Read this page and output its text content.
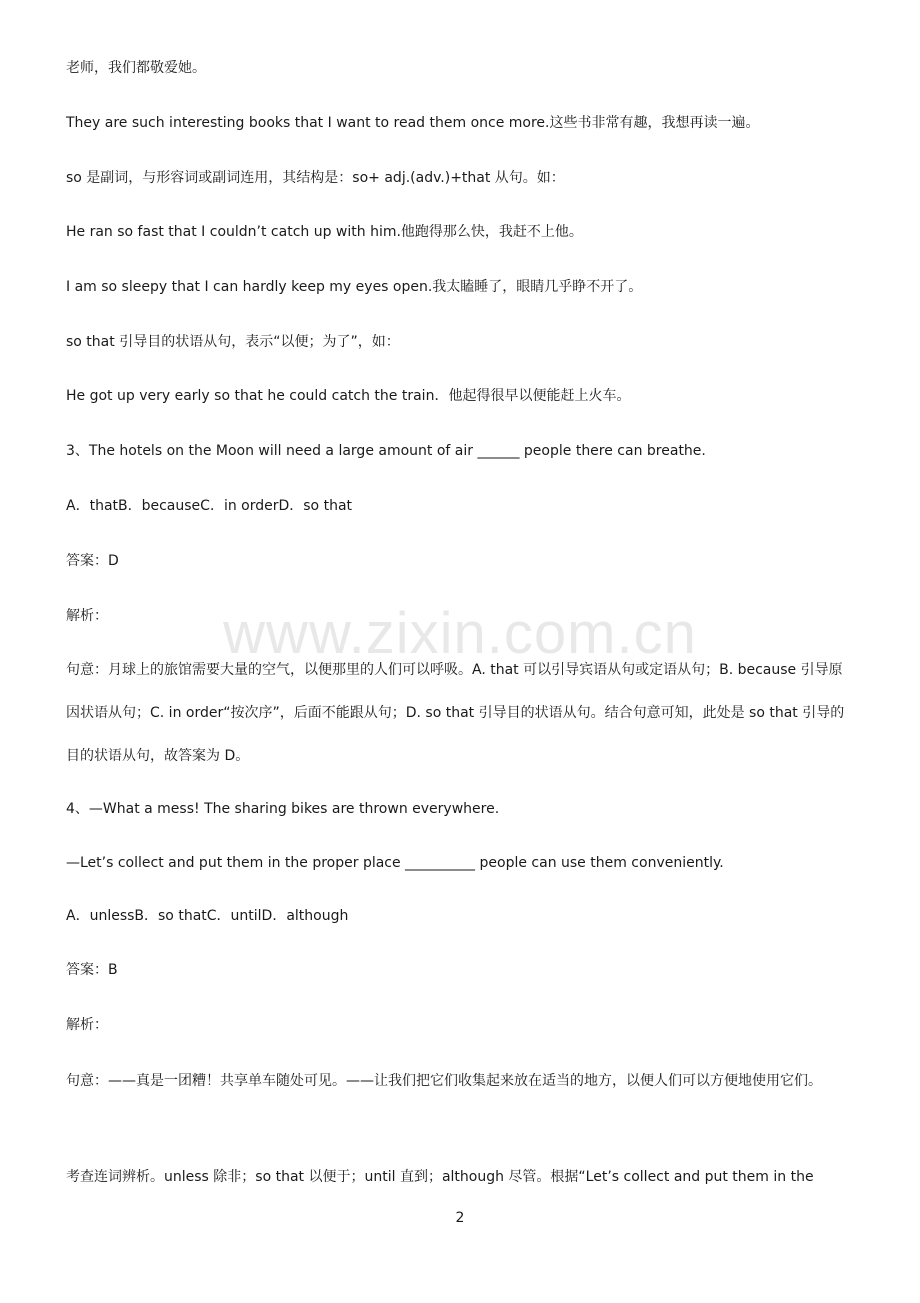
www.zixin.com.cn
老师，我们都敬爱她。
They are such interesting books that I want to read them once more.这些书非常有趣，我想再读一遍。
so 是副词，与形容词或副词连用，其结构是：so+ adj.(adv.)+that 从句。如：
He ran so fast that I couldn’t catch up with him.他跑得那么快，我赶不上他。
I am so sleepy that I can hardly keep my eyes open.我太瞌睡了，眼睛几乎睁不开了。
so that 引导目的状语从句，表示“以便；为了”，如：
He got up very early so that he could catch the train．他起得很早以便能赶上火车。
3、The hotels on the Moon will need a large amount of air ______ people there can breathe.
A．thatB．becauseC．in orderD．so that
答案：D
解析：
句意：月球上的旅馆需要大量的空气，以便那里的人们可以呼吸。A. that 可以引导宾语从句或定语从句；B. because 引导原因状语从句；C. in order“按次序”，后面不能跟从句；D. so that 引导目的状语从句。结合句意可知，此处是 so that 引导的目的状语从句，故答案为 D。
4、—What a mess! The sharing bikes are thrown everywhere.
—Let’s collect and put them in the proper place __________ people can use them conveniently.
A．unlessB．so thatC．untilD．although
答案：B
解析：
句意：——真是一团糟！共享单车随处可见。——让我们把它们收集起来放在适当的地方，以便人们可以方便地使用它们。
考查连词辨析。unless 除非；so that 以便于；until 直到；although 尽管。根据“Let’s collect and put them in the
2
